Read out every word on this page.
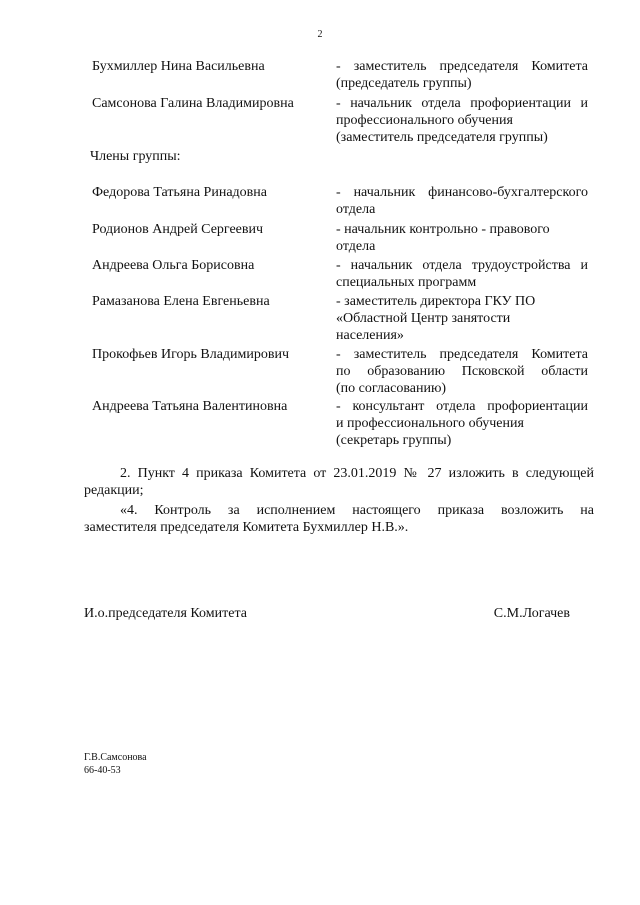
2
Бухмиллер Нина Васильевна	- заместитель председателя Комитета
(председатель группы)
Самсонова Галина Владимировна	- начальник отдела профориентации и
профессионального обучения
(заместитель председателя группы)
Члены группы:
Федорова Татьяна Ринадовна	- начальник финансово-бухгалтерского
отдела
Родионов Андрей Сергеевич	- начальник контрольно - правового
отдела
Андреева Ольга Борисовна	- начальник отдела трудоустройства и
специальных программ
Рамазанова Елена Евгеньевна	- заместитель директора ГКУ ПО
«Областной Центр занятости
населения»
Прокофьев Игорь Владимирович	- заместитель председателя Комитета
по образованию Псковской области
(по согласованию)
Андреева Татьяна Валентиновна	- консультант отдела профориентации
и профессионального обучения
(секретарь группы)
2. Пункт 4 приказа Комитета от 23.01.2019 № 27 изложить в следующей
редакции;
«4. Контроль за исполнением настоящего приказа возложить на
заместителя председателя Комитета Бухмиллер Н.В.».
И.о.председателя Комитета	С.М.Логачев
Г.В.Самсонова
66-40-53
